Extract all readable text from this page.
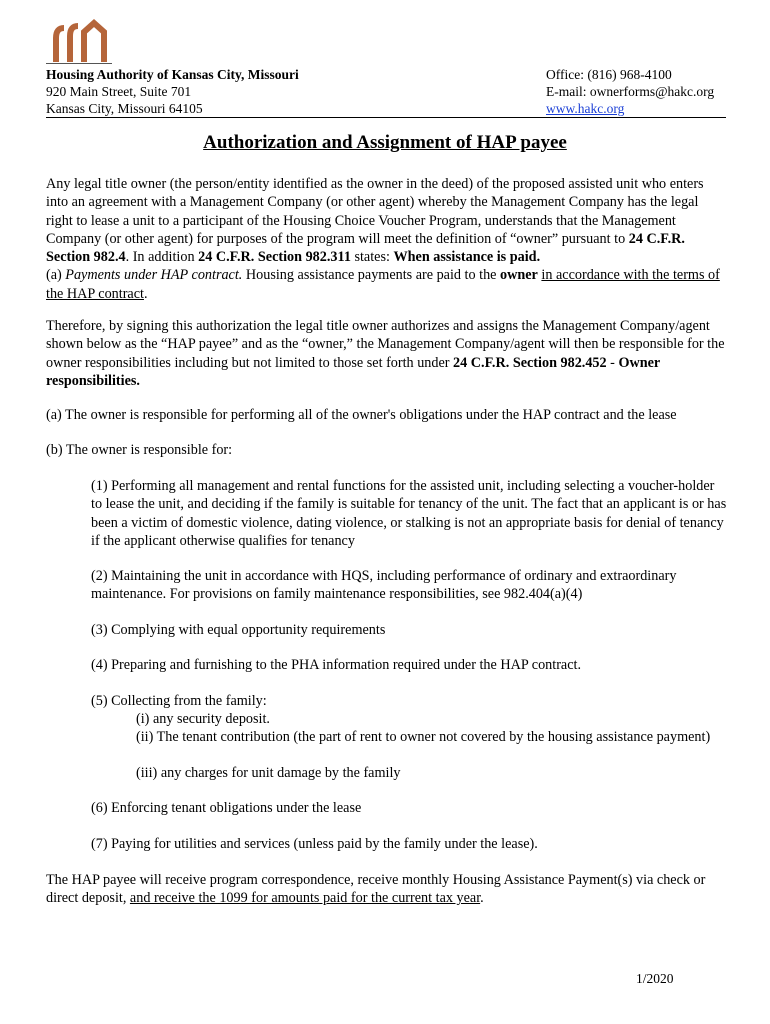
Housing Authority of Kansas City, Missouri
920 Main Street, Suite 701
Kansas City, Missouri 64105
Office: (816) 968-4100
E-mail: ownerforms@hakc.org
www.hakc.org
Authorization and Assignment of HAP payee
Any legal title owner (the person/entity identified as the owner in the deed) of the proposed assisted unit who enters into an agreement with a Management Company (or other agent) whereby the Management Company has the legal right to lease a unit to a participant of the Housing Choice Voucher Program, understands that the Management Company (or other agent) for purposes of the program will meet the definition of “owner” pursuant to 24 C.F.R. Section 982.4. In addition 24 C.F.R. Section 982.311 states: When assistance is paid.
(a) Payments under HAP contract. Housing assistance payments are paid to the owner in accordance with the terms of the HAP contract.
Therefore, by signing this authorization the legal title owner authorizes and assigns the Management Company/agent shown below as the “HAP payee” and as the “owner,” the Management Company/agent will then be responsible for the owner responsibilities including but not limited to those set forth under 24 C.F.R. Section 982.452 - Owner responsibilities.
(a) The owner is responsible for performing all of the owner's obligations under the HAP contract and the lease
(b) The owner is responsible for:
(1) Performing all management and rental functions for the assisted unit, including selecting a voucher-holder to lease the unit, and deciding if the family is suitable for tenancy of the unit. The fact that an applicant is or has been a victim of domestic violence, dating violence, or stalking is not an appropriate basis for denial of tenancy if the applicant otherwise qualifies for tenancy
(2) Maintaining the unit in accordance with HQS, including performance of ordinary and extraordinary maintenance. For provisions on family maintenance responsibilities, see 982.404(a)(4)
(3) Complying with equal opportunity requirements
(4) Preparing and furnishing to the PHA information required under the HAP contract.
(5) Collecting from the family:
(i) any security deposit.
(ii) The tenant contribution (the part of rent to owner not covered by the housing assistance payment)
(iii) any charges for unit damage by the family
(6) Enforcing tenant obligations under the lease
(7) Paying for utilities and services (unless paid by the family under the lease).
The HAP payee will receive program correspondence, receive monthly Housing Assistance Payment(s) via check or direct deposit, and receive the 1099 for amounts paid for the current tax year.
1/2020
